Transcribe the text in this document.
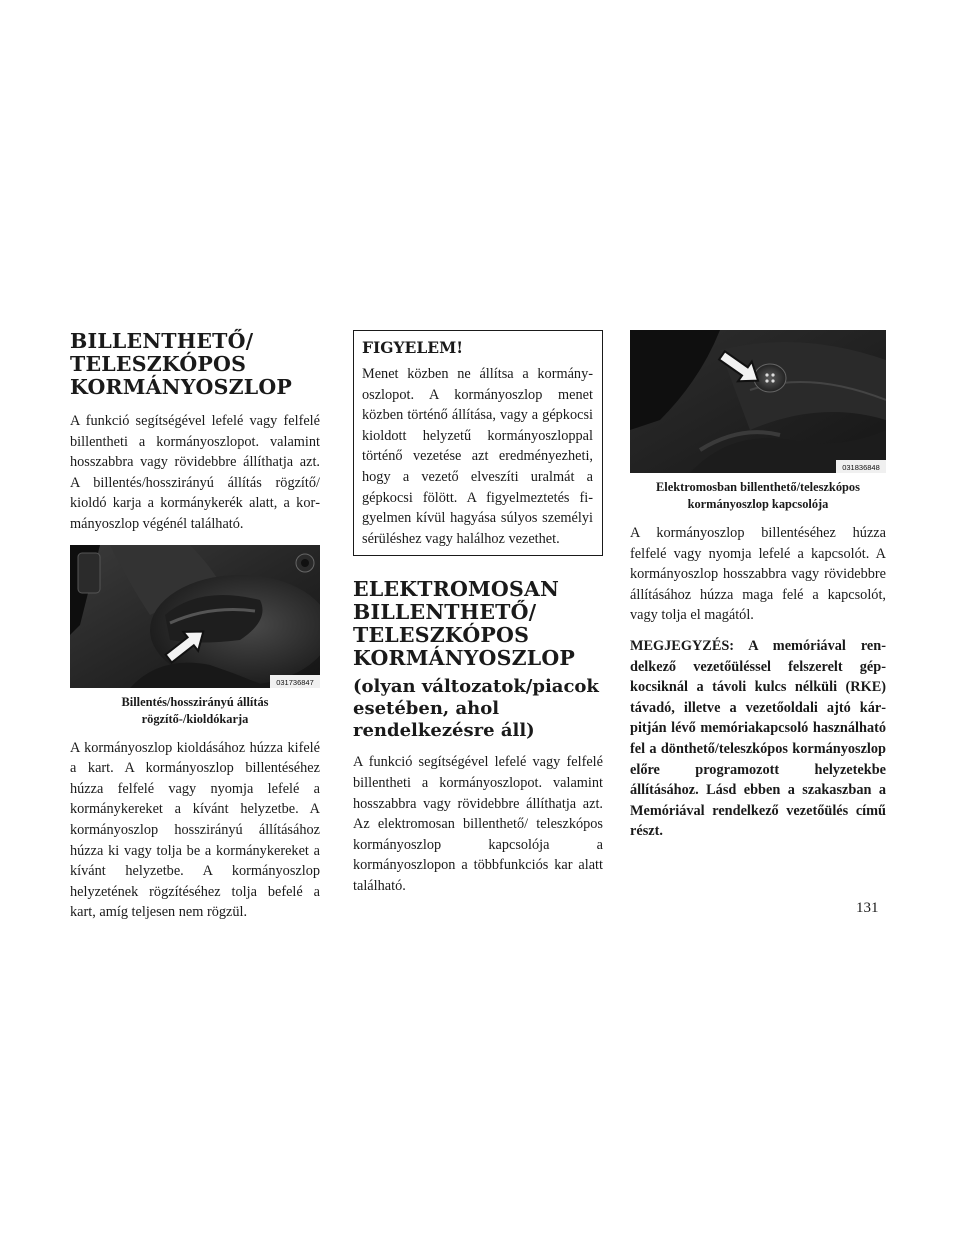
BILLENTHETŐ/
TELESZKÓPOS
KORMÁNYOSZLOP

A funkció segítségével lefelé vagy felfelé billentheti a kormányoszlopot. valamint hosszabbra vagy rövidebbre állíthatja azt. A billentés/hosszirányú állítás rögzítő/ kioldó karja a kormánykerék alatt, a kormányoszlop végénél található.

031736847
Billentés/hosszirányú állítás
rögzítő-/kioldókarja

A kormányoszlop kioldásához húzza kifelé a kart. A kormányoszlop billentéséhez húzza felfelé vagy nyomja lefelé a kormánykereket a kívánt helyzetbe. A kormányoszlop hosszirányú állításához húzza ki vagy tolja be a kormánykereket a kívánt helyzetbe. A kormányoszlop helyzetének rögzítéséhez tolja befelé a kart, amíg teljesen nem rögzül.

FIGYELEM!

Menet közben ne állítsa a kormányoszlopot. A kormányoszlop menet közben történő állítása, vagy a gépkocsi kioldott helyzetű kormányoszloppal történő vezetése azt eredményezheti, hogy a vezető elveszíti uralmát a gépkocsi fölött. A figyelmeztetés figyelmen kívül hagyása súlyos személyi sérüléshez vagy halálhoz vezethet.

ELEKTROMOSAN
BILLENTHETŐ/
TELESZKÓPOS
KORMÁNYOSZLOP
(olyan változatok/piacok esetében, ahol rendelkezésre áll)

A funkció segítségével lefelé vagy felfelé billentheti a kormányoszlopot. valamint hosszabbra vagy rövidebbre állíthatja azt. Az elektromosan billenthető/ teleszkópos kormányoszlop kapcsolója a kormányoszlopon a többfunkciós kar alatt található.

031836848
Elektromosban billenthető/teleszkópos
kormányoszlop kapcsolója

A kormányoszlop billentéséhez húzza felfelé vagy nyomja lefelé a kapcsolót. A kormányoszlop hosszabbra vagy rövidebbre állításához húzza maga felé a kapcsolót, vagy tolja el magától.

MEGJEGYZÉS: A memóriával rendelkező vezetőüléssel felszerelt gépkocsiknál a távoli kulcs nélküli (RKE) távadó, illetve a vezetőoldali ajtó kárpitján lévő memóriakapcsoló használható fel a dönthető/teleszkópos kormányoszlop előre programozott helyzetekbe állításához. Lásd ebben a szakaszban a Memóriával rendelkező vezetőülés című részt.

131
